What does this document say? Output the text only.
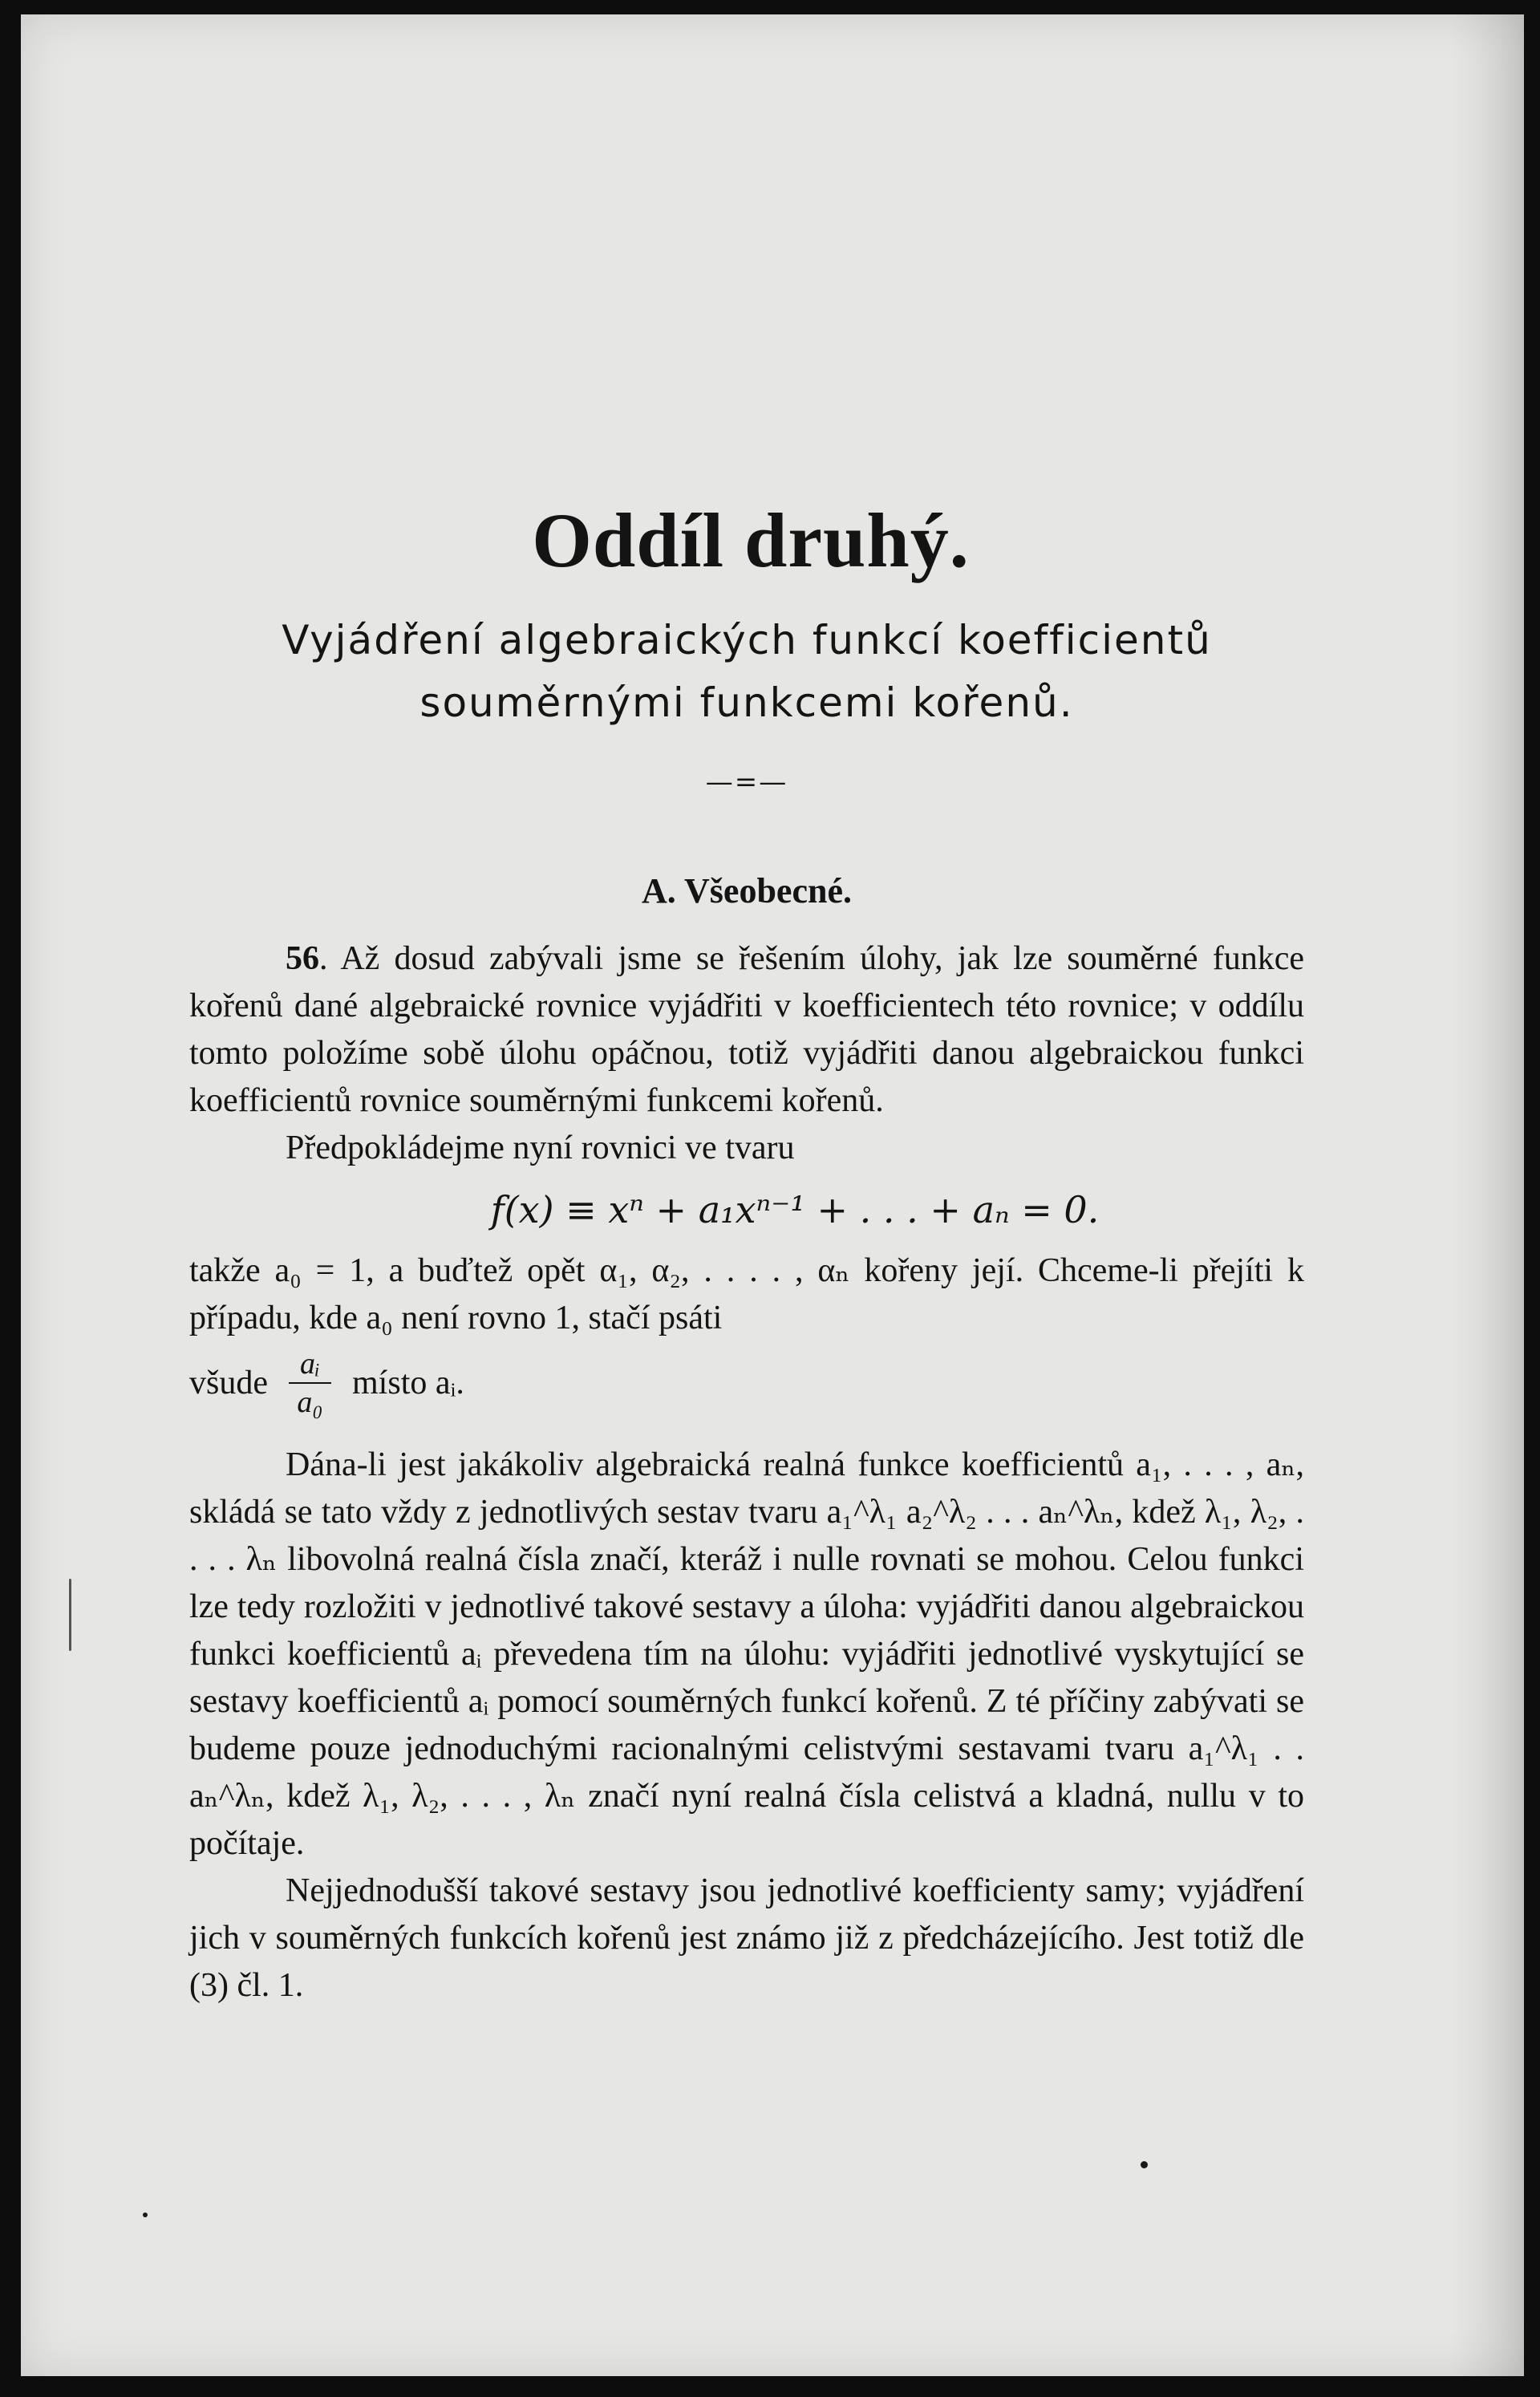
Oddíl druhý.

Vyjádření algebraických funkcí koefficientů

souměrnými funkcemi kořenů.

—=—
A. Všeobecné.

56. Až dosud zabývali jsme se řešením úlohy, jak lze souměrné funkce kořenů dané algebraické rovnice vyjádřiti v koefficientech této rovnice; v oddílu tomto položíme sobě úlohu opáčnou, totiž vyjádřiti danou algebraickou funkci koefficientů rovnice souměrnými funkcemi kořenů.

Předpokládejme nyní rovnici ve tvaru

f(x) ≡ xⁿ + a₁xⁿ⁻¹ + . . . + aₙ = 0.

takže a₀ = 1, a buďtež opět α₁, α₂, . . . . , αₙ kořeny její. Chceme-li přejíti k případu, kde a₀ není rovno 1, stačí psáti

všude $\frac{\text{aᵢ}}{\text{a₀}}$ místo aᵢ.

Dána-li jest jakákoliv algebraická realná funkce koefficientů a₁, . . . , aₙ, skládá se tato vždy z jednotlivých sestav tvaru a₁^λ₁ a₂^λ₂ . . . aₙ^λₙ, kdež λ₁, λ₂, . . . . λₙ libovolná realná čísla značí, kteráž i nulle rovnati se mohou. Celou funkci lze tedy rozložiti v jednotlivé takové sestavy a úloha: vyjádřiti danou algebraickou funkci koefficientů aᵢ převedena tím na úlohu: vyjádřiti jednotlivé vyskytující se sestavy koefficientů aᵢ pomocí souměrných funkcí kořenů. Z té příčiny zabývati se budeme pouze jednoduchými racionalnými celistvými sestavami tvaru a₁^λ₁ . . aₙ^λₙ, kdež λ₁, λ₂, . . . , λₙ značí nyní realná čísla celistvá a kladná, nullu v to počítaje.

Nejjednodušší takové sestavy jsou jednotlivé koefficienty samy; vyjádření jich v souměrných funkcích kořenů jest známo již z předcházejícího. Jest totiž dle (3) čl. 1.
